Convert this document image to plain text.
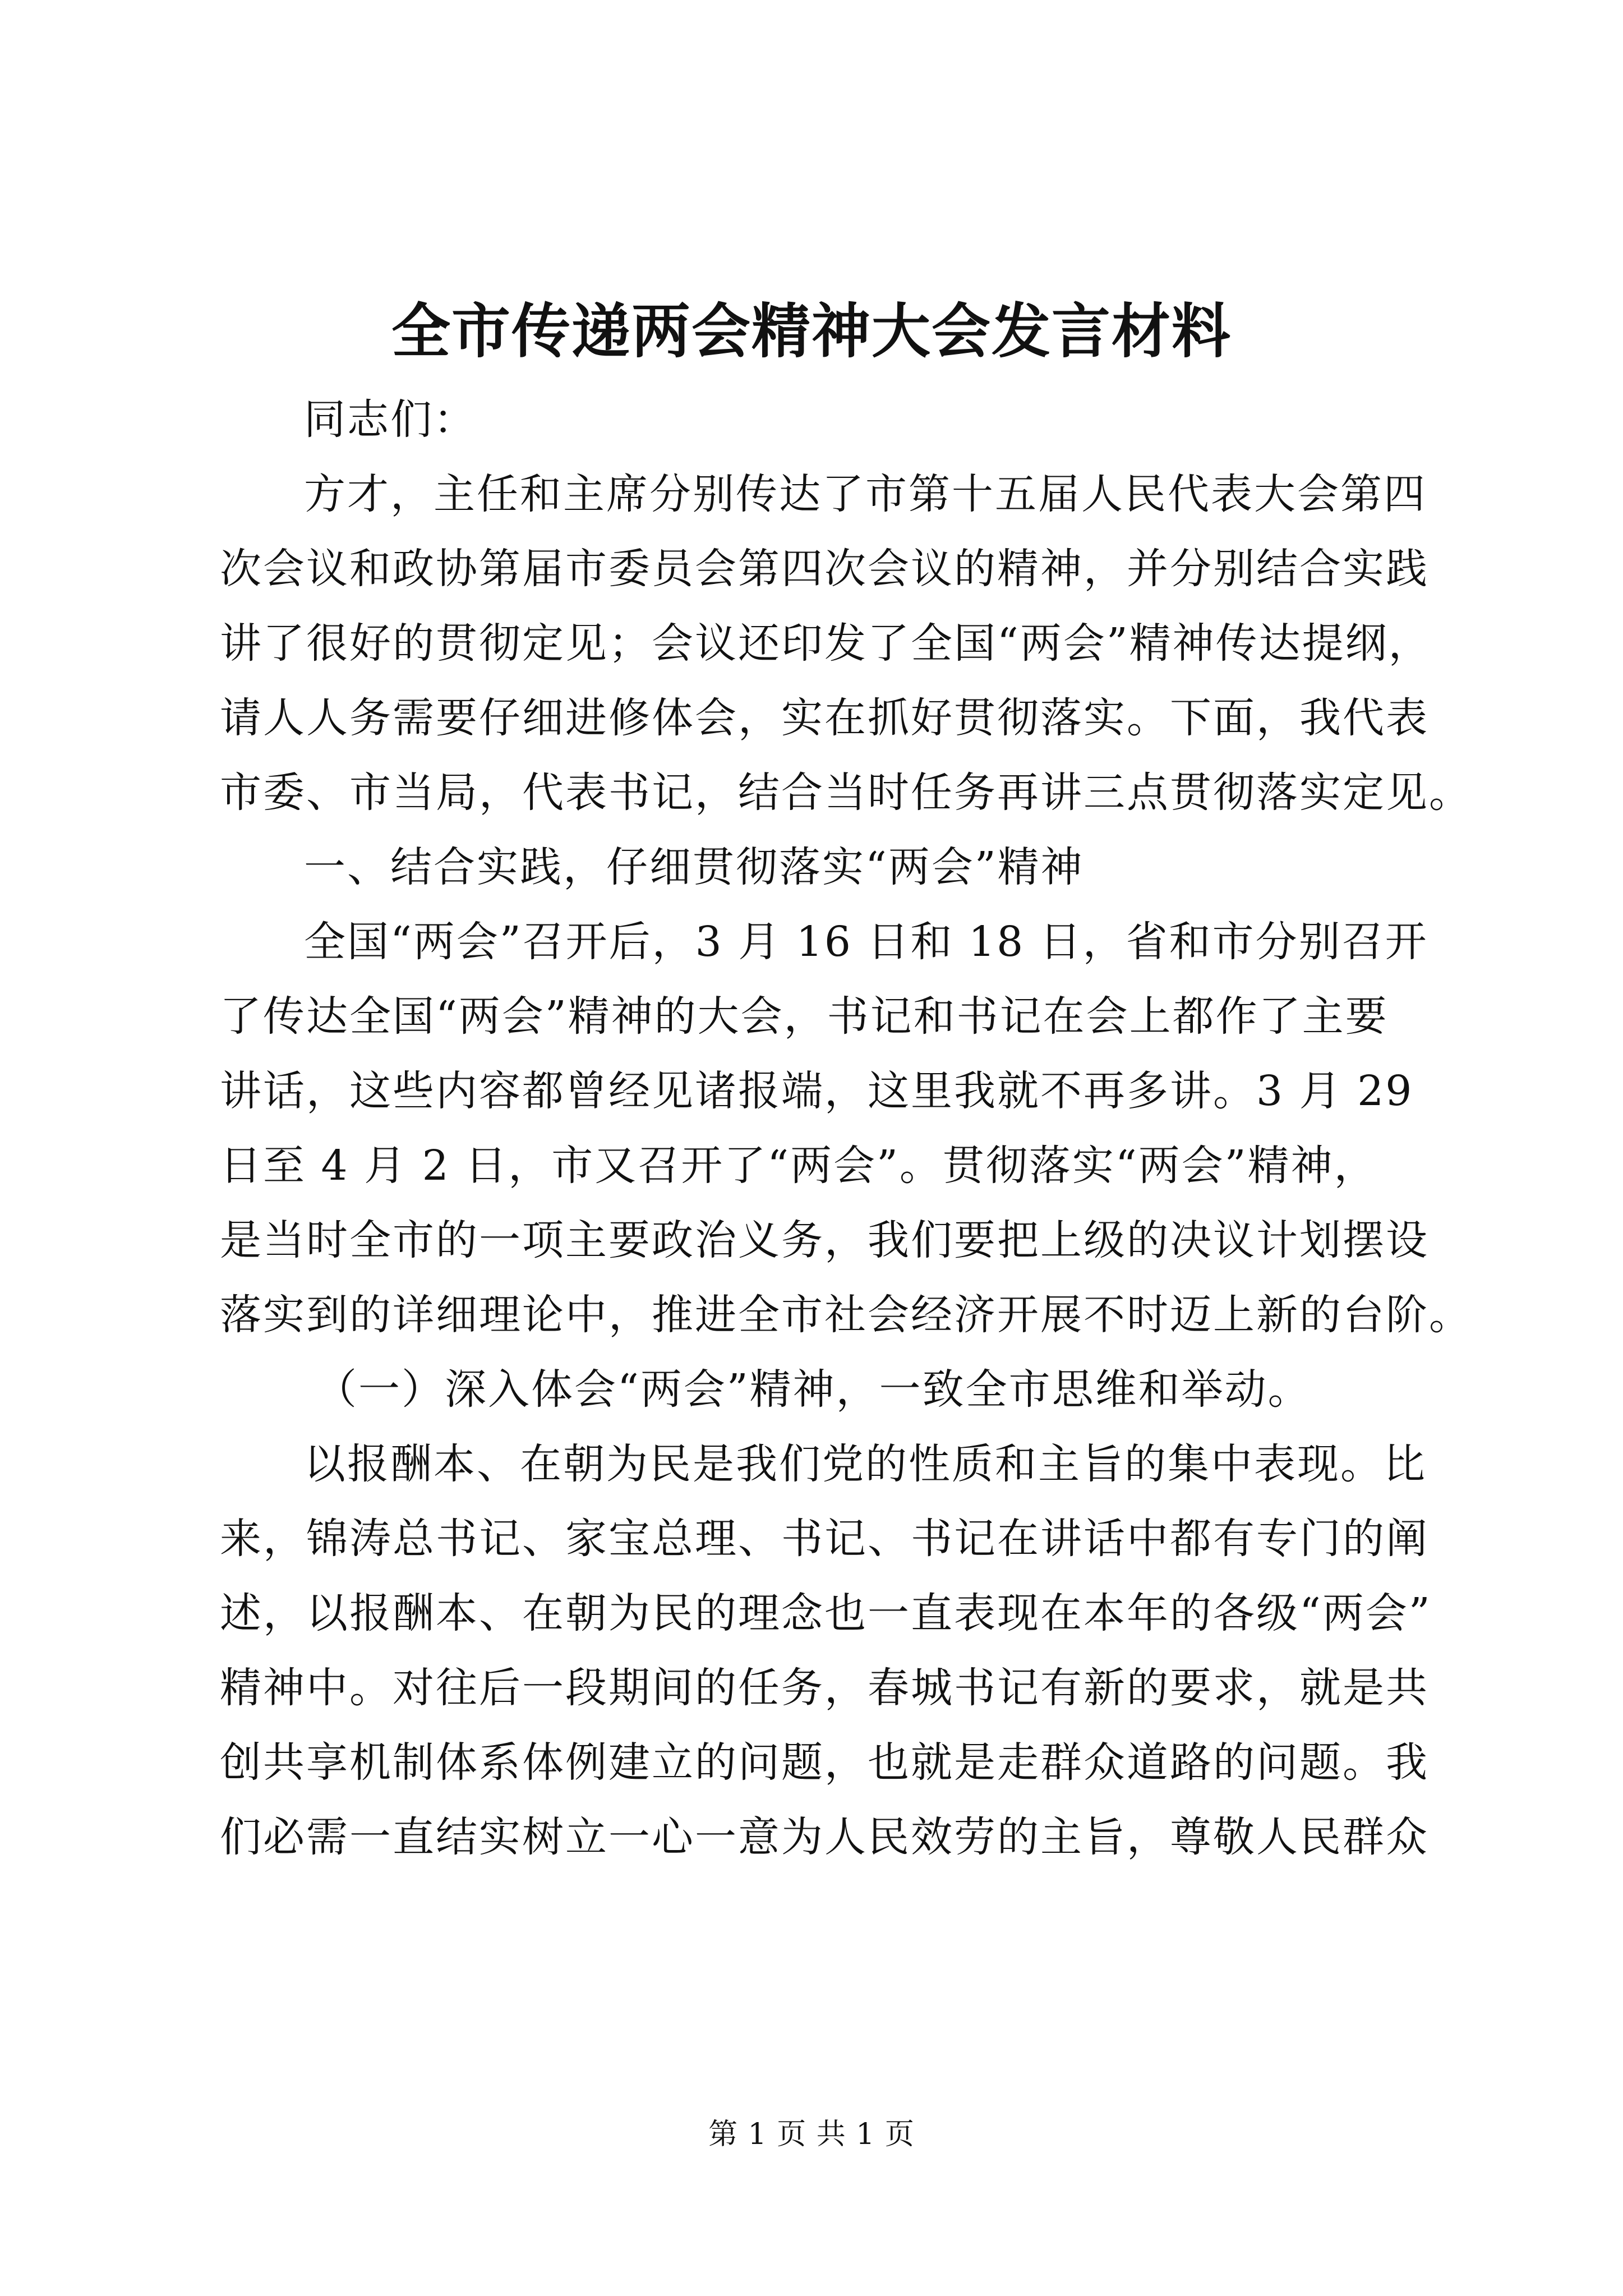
全市传递两会精神大会发言材料
同志们：
方才，主任和主席分别传达了市第十五届人民代表大会第四
次会议和政协第届市委员会第四次会议的精神，并分别结合实践
讲了很好的贯彻定见；会议还印发了全国“两会”精神传达提纲，
请人人务需要仔细进修体会，实在抓好贯彻落实。下面，我代表
市委、市当局，代表书记，结合当时任务再讲三点贯彻落实定见。
一、结合实践，仔细贯彻落实“两会”精神
全国“两会”召开后，3 月 16 日和 18 日，省和市分别召开
了传达全国“两会”精神的大会，书记和书记在会上都作了主要
讲话，这些内容都曾经见诸报端，这里我就不再多讲。3 月 29
日至 4 月 2 日，市又召开了“两会”。贯彻落实“两会”精神，
是当时全市的一项主要政治义务，我们要把上级的决议计划摆设
落实到的详细理论中，推进全市社会经济开展不时迈上新的台阶。
（一）深入体会“两会”精神，一致全市思维和举动。
以报酬本、在朝为民是我们党的性质和主旨的集中表现。比
来，锦涛总书记、家宝总理、书记、书记在讲话中都有专门的阐
述，以报酬本、在朝为民的理念也一直表现在本年的各级“两会”
精神中。对往后一段期间的任务，春城书记有新的要求，就是共
创共享机制体系体例建立的问题，也就是走群众道路的问题。我
们必需一直结实树立一心一意为人民效劳的主旨，尊敬人民群众
第 1 页 共 1 页
